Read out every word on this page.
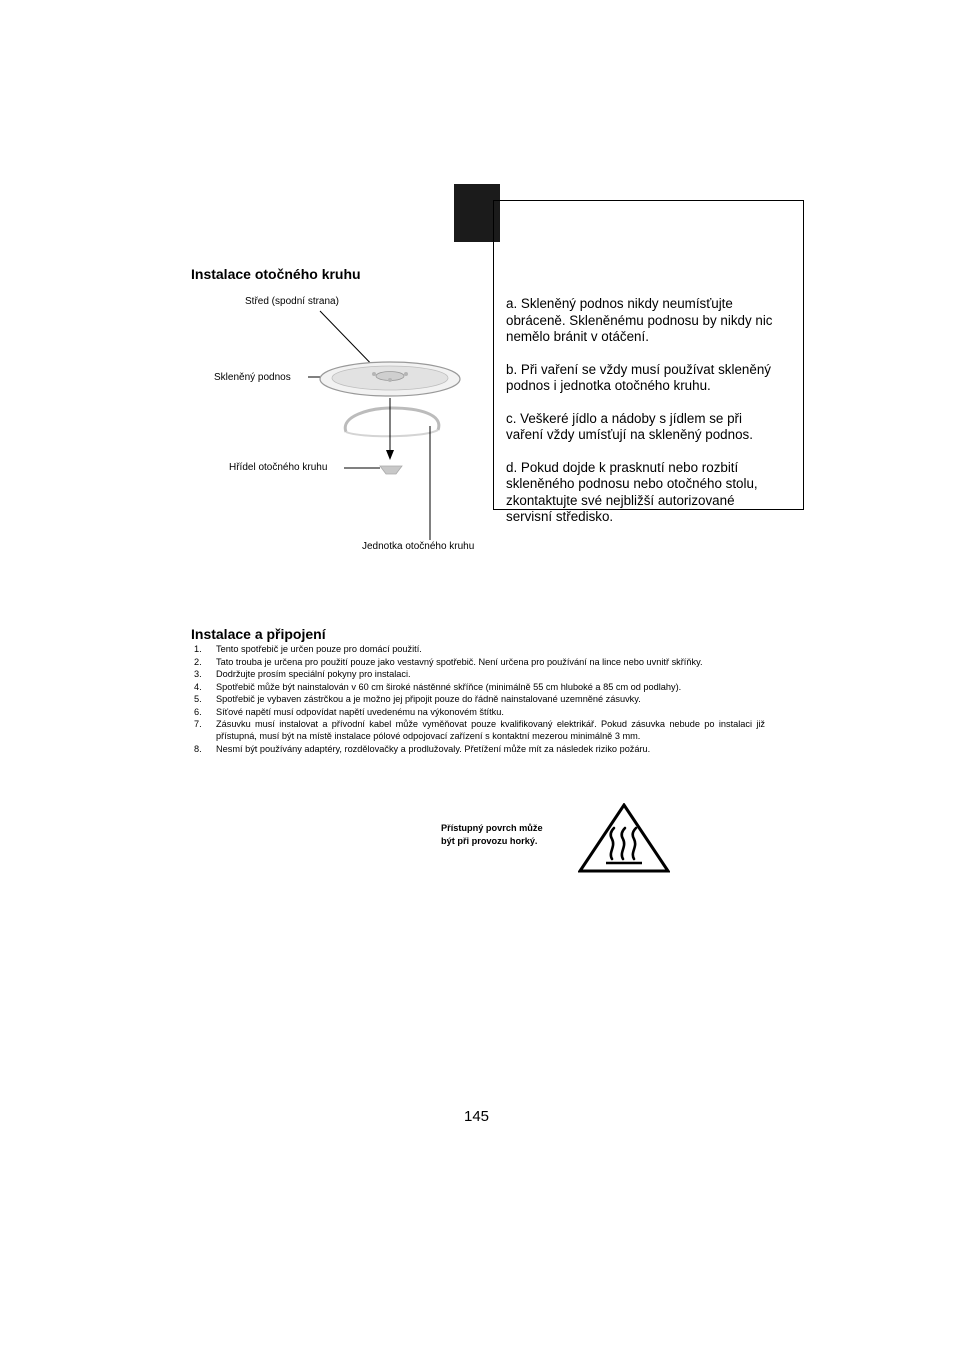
Instalace otočného kruhu

a. Skleněný podnos nikdy neumísťujte obráceně. Skleněnému podnosu by nikdy nic nemělo bránit v otáčení.

b. Při vaření se vždy musí používat skleněný podnos i jednotka otočného kruhu.

c. Veškeré jídlo a nádoby s jídlem se při vaření vždy umísťují na skleněný podnos.

d. Pokud dojde k prasknutí nebo rozbití skleněného podnosu nebo otočného stolu, zkontaktujte své nejbližší autorizované servisní středisko.

Střed (spodní strana)
Skleněný podnos
Hřídel otočného kruhu
Jednotka otočného kruhu
Instalace a připojení
1. Tento spotřebič je určen pouze pro domácí použití.
2. Tato trouba je určena pro použití pouze jako vestavný spotřebič. Není určena pro používání na lince nebo uvnitř skříňky.
3. Dodržujte prosím speciální pokyny pro instalaci.
4. Spotřebič může být nainstalován v 60 cm široké nástěnné skříňce (minimálně 55 cm hluboké a 85 cm od podlahy).
5. Spotřebič je vybaven zástrčkou a je možno jej připojit pouze do řádně nainstalované uzemněné zásuvky.
6. Síťové napětí musí odpovídat napětí uvedenému na výkonovém štítku.
7. Zásuvku musí instalovat a přívodní kabel může vyměňovat pouze kvalifikovaný elektrikář. Pokud zásuvka nebude po instalaci již přístupná, musí být na místě instalace pólové odpojovací zařízení s kontaktní mezerou minimálně 3 mm.
8. Nesmí být používány adaptéry, rozdělovačky a prodlužovaly. Přetížení může mít za následek riziko požáru.
Přístupný povrch může
být při provozu horký.
145
